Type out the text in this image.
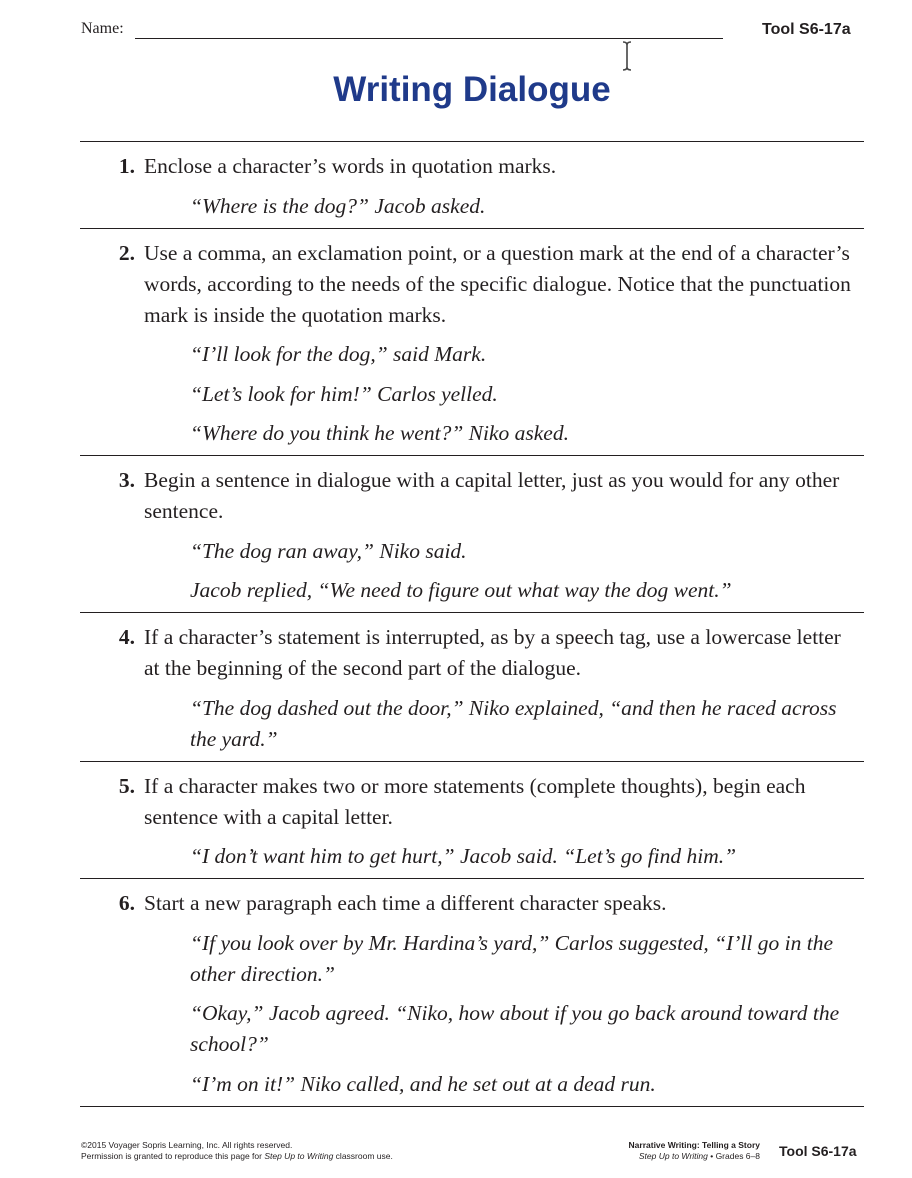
Name:	Tool S6-17a
Writing Dialogue
1. Enclose a character’s words in quotation marks.
“Where is the dog?” Jacob asked.
2. Use a comma, an exclamation point, or a question mark at the end of a character’s words, according to the needs of the specific dialogue. Notice that the punctuation mark is inside the quotation marks.
“I’ll look for the dog,” said Mark.
“Let’s look for him!” Carlos yelled.
“Where do you think he went?” Niko asked.
3. Begin a sentence in dialogue with a capital letter, just as you would for any other sentence.
“The dog ran away,” Niko said.
Jacob replied, “We need to figure out what way the dog went.”
4. If a character’s statement is interrupted, as by a speech tag, use a lowercase letter at the beginning of the second part of the dialogue.
“The dog dashed out the door,” Niko explained, “and then he raced across the yard.”
5. If a character makes two or more statements (complete thoughts), begin each sentence with a capital letter.
“I don’t want him to get hurt,” Jacob said. “Let’s go find him.”
6. Start a new paragraph each time a different character speaks.
“If you look over by Mr. Hardina’s yard,” Carlos suggested, “I’ll go in the other direction.”
“Okay,” Jacob agreed. “Niko, how about if you go back around toward the school?”
“I’m on it!” Niko called, and he set out at a dead run.
©2015 Voyager Sopris Learning, Inc. All rights reserved.
Permission is granted to reproduce this page for Step Up to Writing classroom use.
Narrative Writing: Telling a Story
Step Up to Writing • Grades 6–8 Tool S6-17a
